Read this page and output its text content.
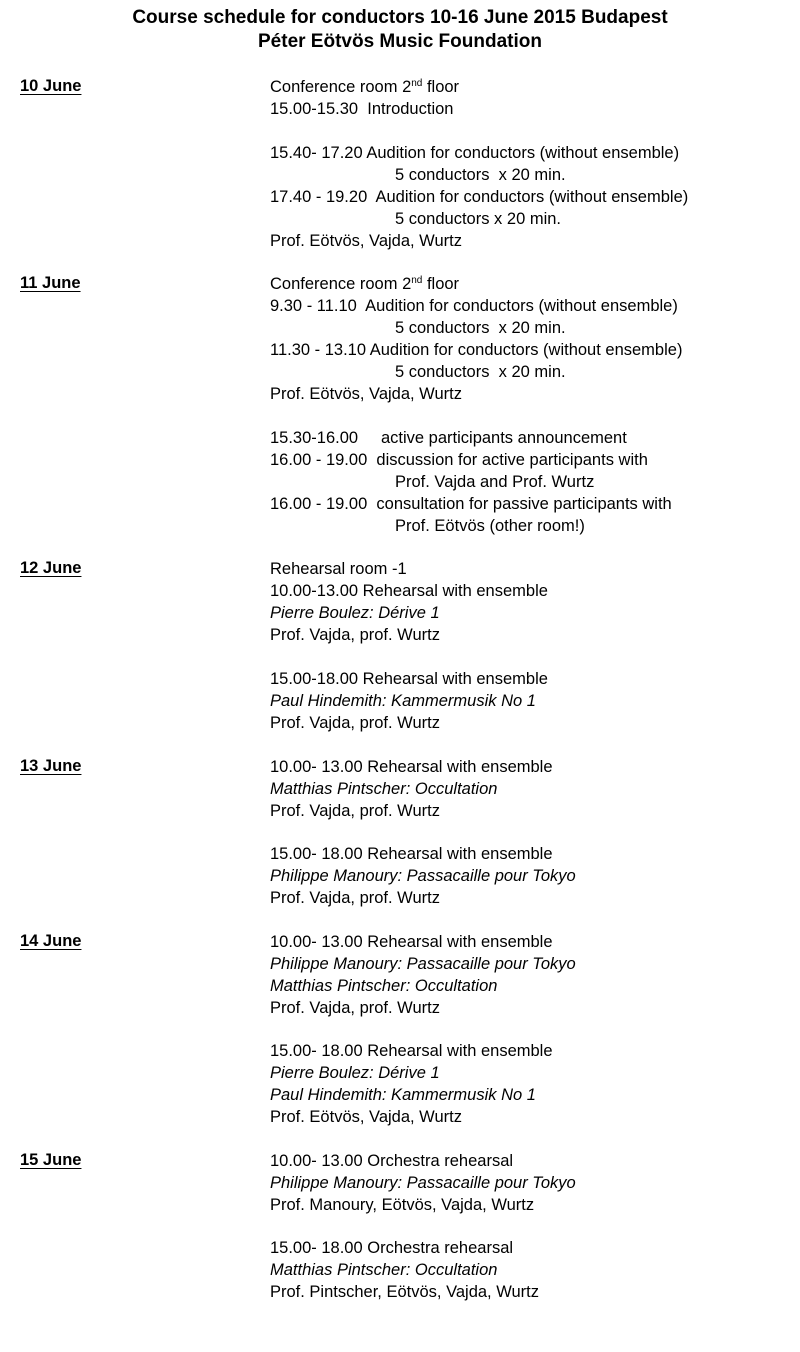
Course schedule for conductors 10-16 June 2015 Budapest
Péter Eötvös Music Foundation
10 June	Conference room 2nd floor
15.00-15.30  Introduction
15.40- 17.20 Audition for conductors (without ensemble)
5 conductors  x 20 min.
17.40 - 19.20  Audition for conductors (without ensemble)
5 conductors x 20 min.
Prof. Eötvös, Vajda, Wurtz
11 June	Conference room 2nd floor
9.30 - 11.10  Audition for conductors (without ensemble)
5 conductors  x 20 min.
11.30 - 13.10 Audition for conductors (without ensemble)
5 conductors  x 20 min.
Prof. Eötvös, Vajda, Wurtz
15.30-16.00     active participants announcement
16.00 - 19.00  discussion for active participants with
Prof. Vajda and Prof. Wurtz
16.00 - 19.00  consultation for passive participants with
Prof. Eötvös (other room!)
12 June	Rehearsal room -1
10.00-13.00 Rehearsal with ensemble
Pierre Boulez: Dérive 1
Prof. Vajda, prof. Wurtz
15.00-18.00 Rehearsal with ensemble
Paul Hindemith: Kammermusik No 1
Prof. Vajda, prof. Wurtz
13 June	10.00- 13.00 Rehearsal with ensemble
Matthias Pintscher: Occultation
Prof. Vajda, prof. Wurtz
15.00- 18.00 Rehearsal with ensemble
Philippe Manoury: Passacaille pour Tokyo
Prof. Vajda, prof. Wurtz
14 June	10.00- 13.00 Rehearsal with ensemble
Philippe Manoury: Passacaille pour Tokyo
Matthias Pintscher: Occultation
Prof. Vajda, prof. Wurtz
15.00- 18.00 Rehearsal with ensemble
Pierre Boulez: Dérive 1
Paul Hindemith: Kammermusik No 1
Prof. Eötvös, Vajda, Wurtz
15 June	10.00- 13.00 Orchestra rehearsal
Philippe Manoury: Passacaille pour Tokyo
Prof. Manoury, Eötvös, Vajda, Wurtz
15.00- 18.00 Orchestra rehearsal
Matthias Pintscher: Occultation
Prof. Pintscher, Eötvös, Vajda, Wurtz
